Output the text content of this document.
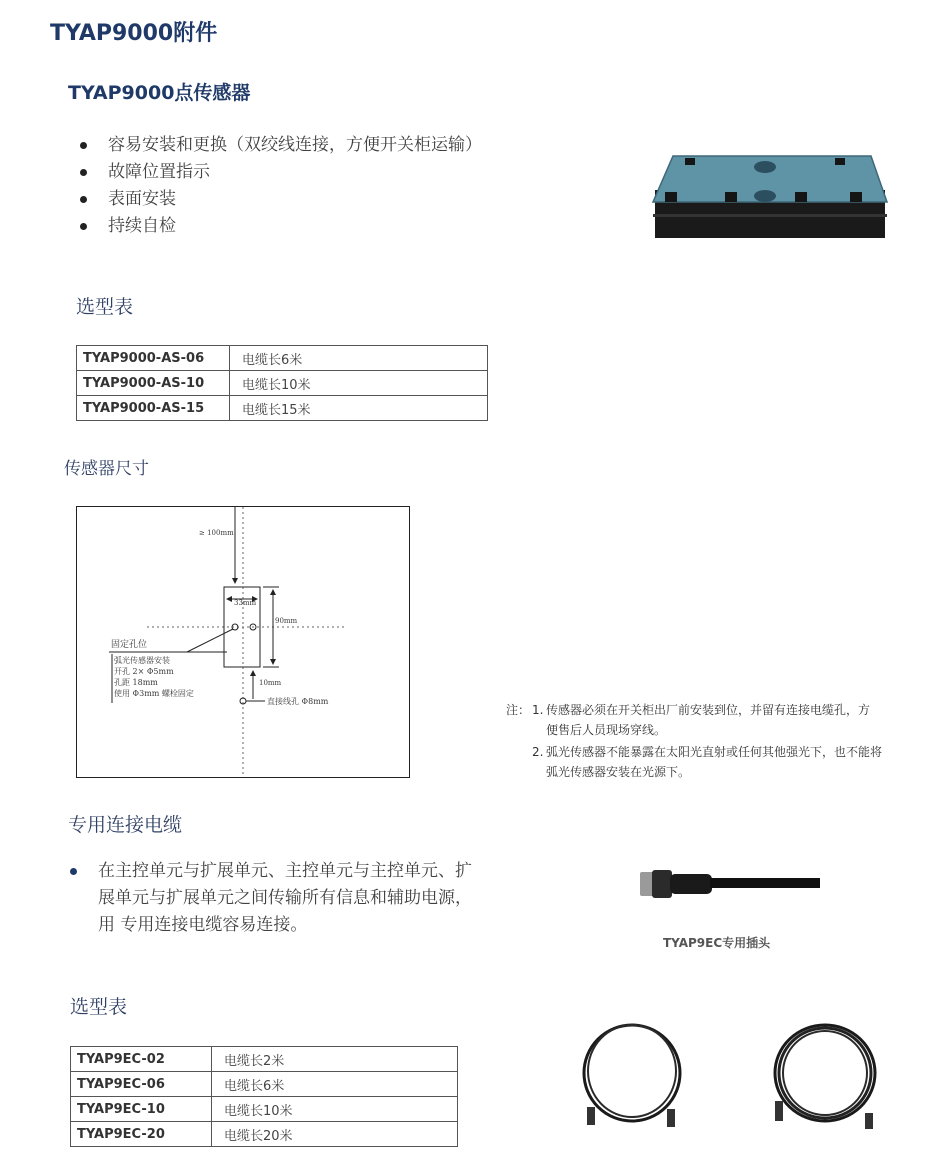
TYAP9000附件
TYAP9000点传感器
容易安装和更换（双绞线连接，方便开关柜运输）
故障位置指示
表面安装
持续自检
选型表
TYAP9000-AS-06	电缆长6米
TYAP9000-AS-10	电缆长10米
TYAP9000-AS-15	电缆长15米
传感器尺寸
≥ 100mm
33mm
90mm
固定孔位
弧光传感器安装
开孔 2× Φ5mm
孔距 18mm
使用 Φ3mm 螺栓固定
10mm
直接线孔 Φ8mm
注： 1. 传感器必须在开关柜出厂前安装到位，并留有连接电缆孔，方便售后人员现场穿线。
2. 弧光传感器不能暴露在太阳光直射或任何其他强光下，也不能将弧光传感器安装在光源下。
专用连接电缆
在主控单元与扩展单元、主控单元与主控单元、扩展单元与扩展单元之间传输所有信息和辅助电源，用 专用连接电缆容易连接。
TYAP9EC专用插头
选型表
TYAP9EC-02	电缆长2米
TYAP9EC-06	电缆长6米
TYAP9EC-10	电缆长10米
TYAP9EC-20	电缆长20米
